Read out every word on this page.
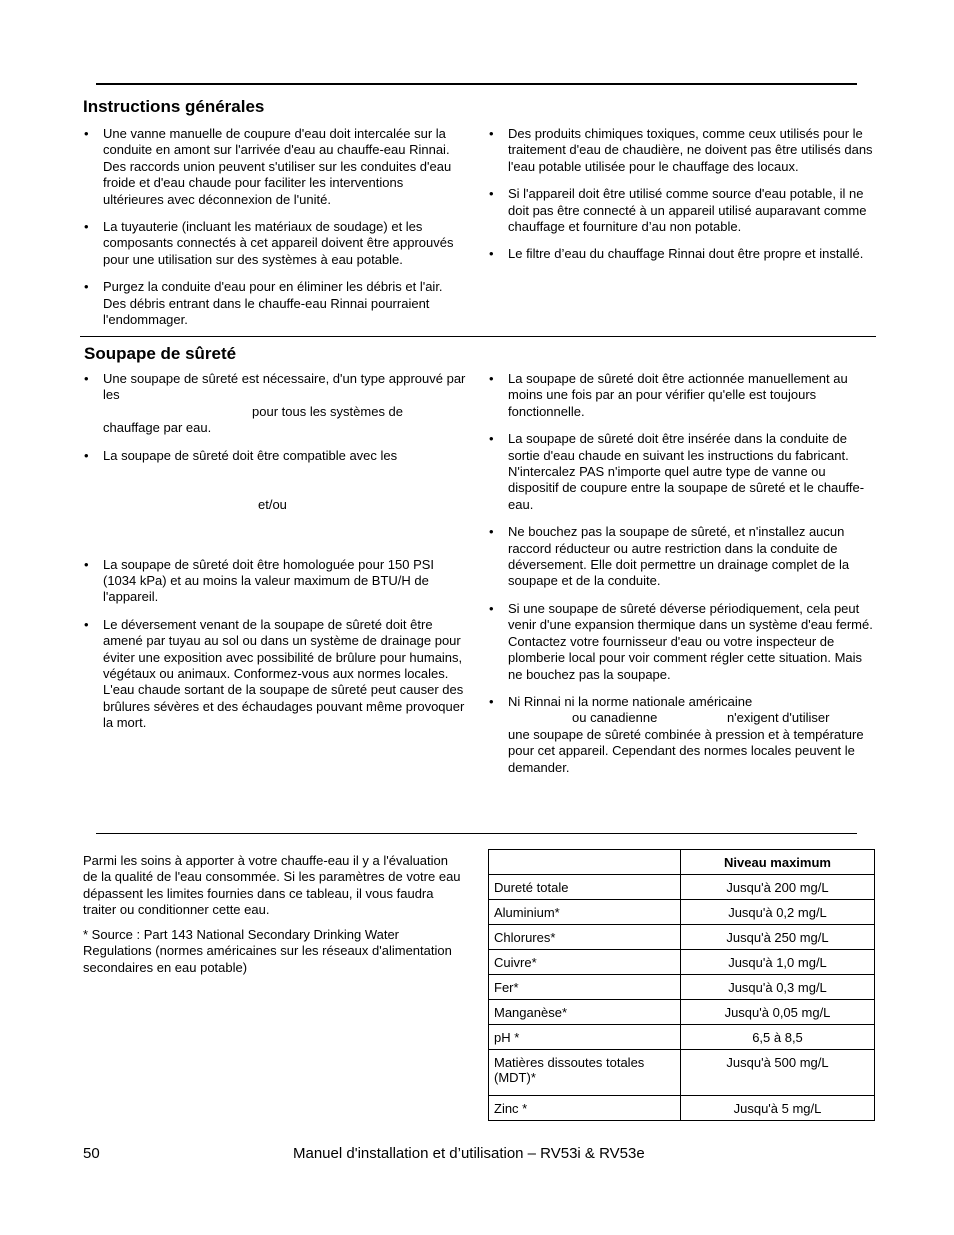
Instructions générales
• Une vanne manuelle de coupure d'eau doit intercalée sur la conduite en amont sur l'arrivée d'eau au chauffe-eau Rinnai. Des raccords union peuvent s'utiliser sur les conduites d'eau froide et d'eau chaude pour faciliter les interventions ultérieures avec déconnexion de l'unité.
• La tuyauterie (incluant les matériaux de soudage) et les composants connectés à cet appareil doivent être approuvés pour une utilisation sur des systèmes à eau potable.
• Purgez la conduite d'eau pour en éliminer les débris et l'air. Des débris entrant dans le chauffe-eau Rinnai pourraient l'endommager.
• Des produits chimiques toxiques, comme ceux utilisés pour le traitement d'eau de chaudière, ne doivent pas être utilisés dans l'eau potable utilisée pour le chauffage des locaux.
• Si l'appareil doit être utilisé comme source d'eau potable, il ne doit pas être connecté à un appareil utilisé auparavant comme chauffage et fourniture d’au non potable.
• Le filtre d’eau du chauffage Rinnai dout être propre et installé.
Soupape de sûreté
• Une soupape de sûreté est nécessaire, d'un type approuvé par les
pour tous les systèmes de
chauffage par eau.
• La soupape de sûreté doit être compatible avec les
et/ou
• La soupape de sûreté doit être homologuée pour 150 PSI (1034 kPa) et au moins la valeur maximum de BTU/H de l'appareil.
• Le déversement venant de la soupape de sûreté doit être amené par tuyau au sol ou dans un système de drainage pour éviter une exposition avec possibilité de brûlure pour humains, végétaux ou animaux. Conformez-vous aux normes locales. L'eau chaude sortant de la soupape de sûreté peut causer des brûlures sévères et des échaudages pouvant même provoquer la mort.
• La soupape de sûreté doit être actionnée manuellement au moins une fois par an pour vérifier qu'elle est toujours fonctionnelle.
• La soupape de sûreté doit être insérée dans la conduite de sortie d'eau chaude en suivant les instructions du fabricant. N'intercalez PAS n'importe quel autre type de vanne ou dispositif de coupure entre la soupape de sûreté et le chauffe-eau.
• Ne bouchez pas la soupape de sûreté, et n'installez aucun raccord réducteur ou autre restriction dans la conduite de déversement. Elle doit permettre un drainage complet de la soupape et de la conduite.
• Si une soupape de sûreté déverse périodiquement, cela peut venir d'une expansion thermique dans un système d'eau fermé. Contactez votre fournisseur d'eau ou votre inspecteur de plomberie local pour voir comment régler cette situation. Mais ne bouchez pas la soupape.
• Ni Rinnai ni la norme nationale américaine
ou canadienne	n'exigent d'utiliser
une soupape de sûreté combinée à pression et à température pour cet appareil. Cependant des normes locales peuvent le demander.

Parmi les soins à apporter à votre chauffe-eau il y a l'évaluation de la qualité de l'eau consommée. Si les paramètres de votre eau dépassent les limites fournies dans ce tableau, il vous faudra traiter ou conditionner cette eau.

* Source : Part 143 National Secondary Drinking Water Regulations (normes américaines sur les réseaux d'alimentation secondaires en eau potable)

	Niveau maximum
Dureté totale	Jusqu'à 200 mg/L
Aluminium*	Jusqu'à 0,2 mg/L
Chlorures*	Jusqu'à 250 mg/L
Cuivre*	Jusqu'à 1,0 mg/L
Fer*	Jusqu'à 0,3 mg/L
Manganèse*	Jusqu'à 0,05 mg/L
pH *	6,5 à 8,5
Matières dissoutes totales (MDT)*	Jusqu'à 500 mg/L
Zinc *	Jusqu'à 5 mg/L
50	Manuel d'installation et d’utilisation – RV53i & RV53e
